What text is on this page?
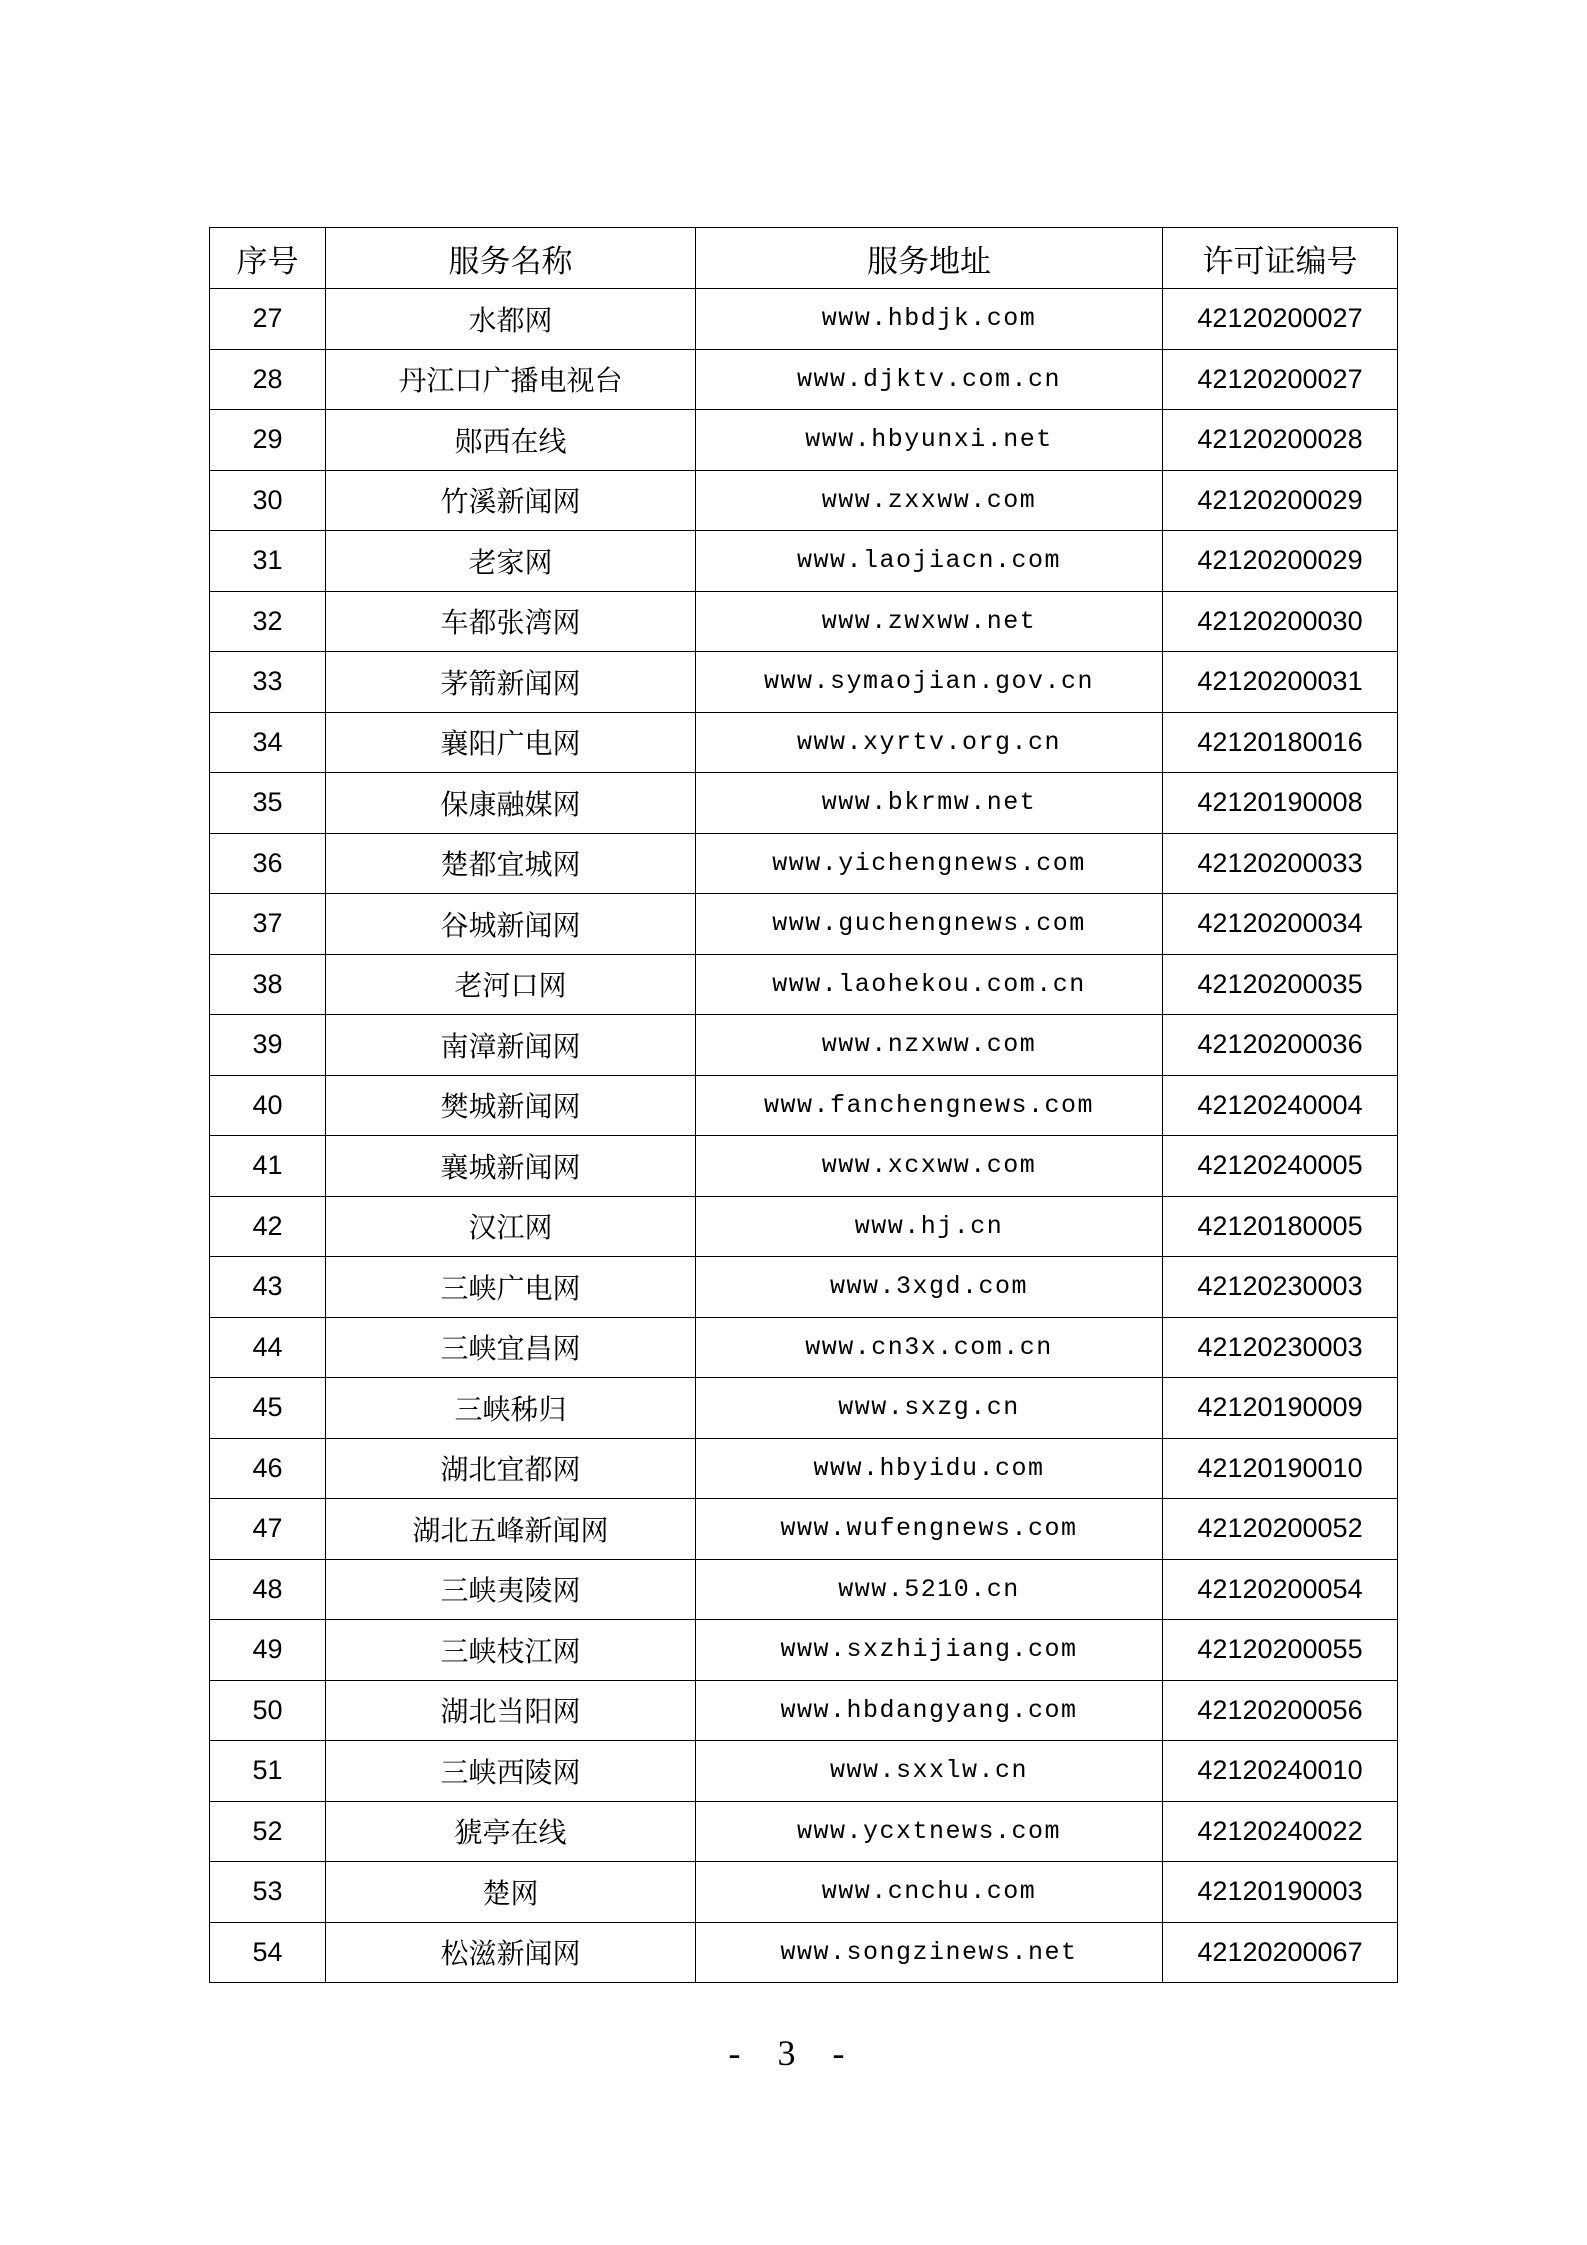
序号	服务名称	服务地址	许可证编号
27	水都网	www.hbdjk.com	42120200027
28	丹江口广播电视台	www.djktv.com.cn	42120200027
29	郧西在线	www.hbyunxi.net	42120200028
30	竹溪新闻网	www.zxxww.com	42120200029
31	老家网	www.laojiacn.com	42120200029
32	车都张湾网	www.zwxww.net	42120200030
33	茅箭新闻网	www.symaojian.gov.cn	42120200031
34	襄阳广电网	www.xyrtv.org.cn	42120180016
35	保康融媒网	www.bkrmw.net	42120190008
36	楚都宜城网	www.yichengnews.com	42120200033
37	谷城新闻网	www.guchengnews.com	42120200034
38	老河口网	www.laohekou.com.cn	42120200035
39	南漳新闻网	www.nzxww.com	42120200036
40	樊城新闻网	www.fanchengnews.com	42120240004
41	襄城新闻网	www.xcxww.com	42120240005
42	汉江网	www.hj.cn	42120180005
43	三峡广电网	www.3xgd.com	42120230003
44	三峡宜昌网	www.cn3x.com.cn	42120230003
45	三峡秭归	www.sxzg.cn	42120190009
46	湖北宜都网	www.hbyidu.com	42120190010
47	湖北五峰新闻网	www.wufengnews.com	42120200052
48	三峡夷陵网	www.5210.cn	42120200054
49	三峡枝江网	www.sxzhijiang.com	42120200055
50	湖北当阳网	www.hbdangyang.com	42120200056
51	三峡西陵网	www.sxxlw.cn	42120240010
52	猇亭在线	www.ycxtnews.com	42120240022
53	楚网	www.cnchu.com	42120190003
54	松滋新闻网	www.songzinews.net	42120200067
- 3 -
